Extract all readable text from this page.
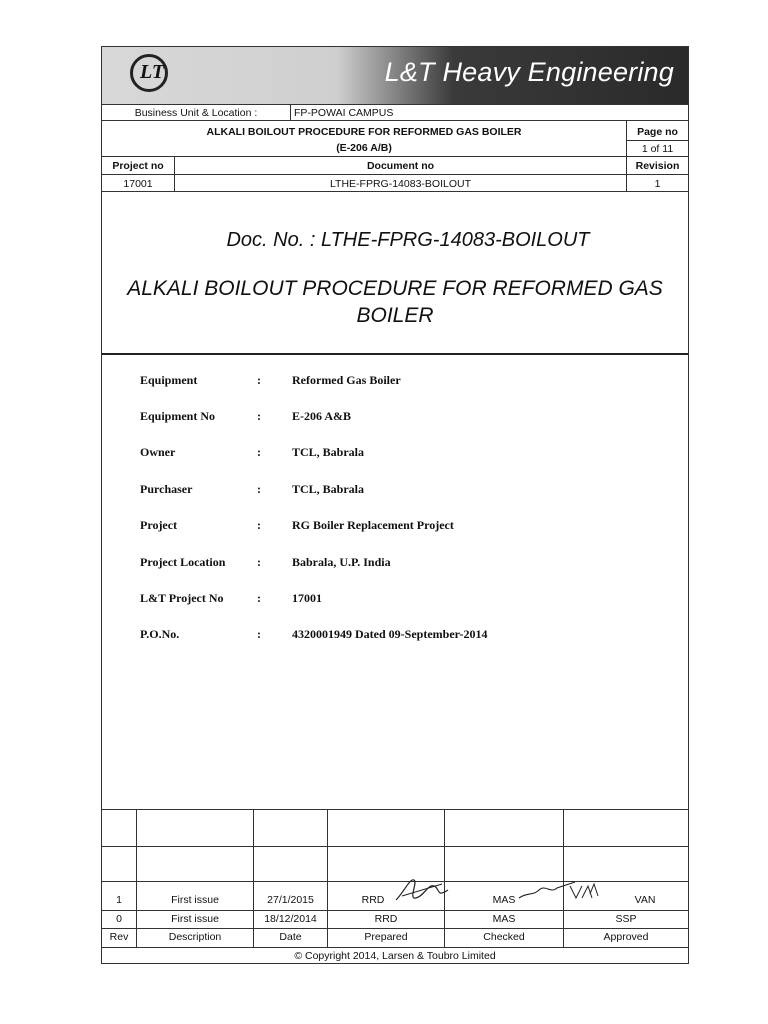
LT	L&T Heavy Engineering
Business Unit & Location :	FP-POWAI CAMPUS
ALKALI BOILOUT PROCEDURE FOR REFORMED GAS BOILER
(E-206 A/B)
Page no
1 of 11
Project no	Document no	Revision
17001	LTHE-FPRG-14083-BOILOUT	1
Doc. No. : LTHE-FPRG-14083-BOILOUT
ALKALI BOILOUT PROCEDURE FOR REFORMED GAS
BOILER
Equipment	:	Reformed Gas Boiler
Equipment No	:	E-206 A&B
Owner	:	TCL, Babrala
Purchaser	:	TCL, Babrala
Project	:	RG Boiler Replacement Project
Project Location	:	Babrala, U.P. India
L&T Project No	:	17001
P.O.No.	:	4320001949 Dated 09-September-2014
1	First issue	27/1/2015	RRD	MAS	VAN
0	First issue	18/12/2014	RRD	MAS	SSP
Rev	Description	Date	Prepared	Checked	Approved
© Copyright 2014, Larsen & Toubro Limited
